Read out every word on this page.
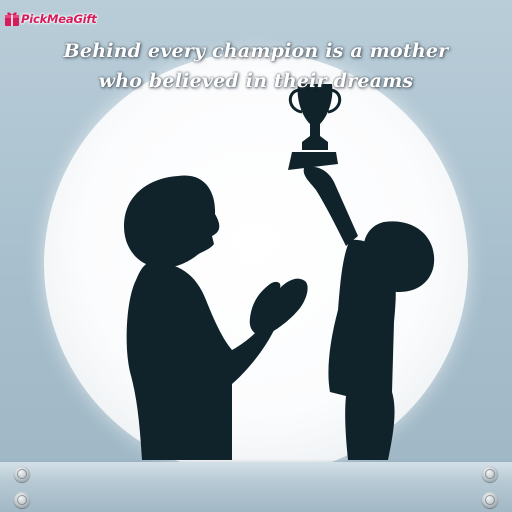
PickMeaGift
Behind every champion is a mother
who believed in their dreams
